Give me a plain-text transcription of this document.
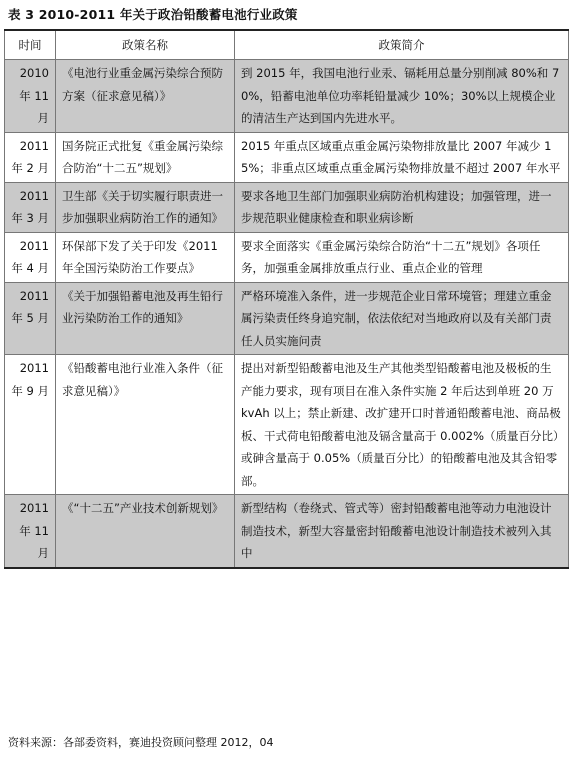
表 3 2010-2011 年关于政治铅酸蓄电池行业政策
时间	政策名称	政策简介
2010 年 11 月	《电池行业重金属污染综合预防方案（征求意见稿）》	到 2015 年，我国电池行业汞、镉耗用总量分别削减 80%和 70%，铅蓄电池单位功率耗铅量减少 10%；30%以上规模企业的清洁生产达到国内先进水平。
2011 年 2 月	国务院正式批复《重金属污染综合防治“十二五”规划》	2015 年重点区域重点重金属污染物排放量比 2007 年减少 15%；非重点区域重点重金属污染物排放量不超过 2007 年水平
2011 年 3 月	卫生部《关于切实履行职责进一步加强职业病防治工作的通知》	要求各地卫生部门加强职业病防治机构建设；加强管理，进一步规范职业健康检查和职业病诊断
2011 年 4 月	环保部下发了关于印发《2011 年全国污染防治工作要点》	要求全面落实《重金属污染综合防治“十二五”规划》各项任务，加强重金属排放重点行业、重点企业的管理
2011 年 5 月	《关于加强铅蓄电池及再生铅行业污染防治工作的通知》	严格环境准入条件，进一步规范企业日常环境管；理建立重金属污染责任终身追究制，依法依纪对当地政府以及有关部门责任人员实施问责
2011 年 9 月	《铅酸蓄电池行业准入条件（征求意见稿）》	提出对新型铅酸蓄电池及生产其他类型铅酸蓄电池及极板的生产能力要求，现有项目在准入条件实施 2 年后达到单班 20 万 kvAh 以上；禁止新建、改扩建开口时普通铅酸蓄电池、商品极板、干式荷电铅酸蓄电池及镉含量高于 0.002%（质量百分比）或砷含量高于 0.05%（质量百分比）的铅酸蓄电池及其含铅零部。
2011 年 11 月	《“十二五”产业技术创新规划》	新型结构（卷绕式、管式等）密封铅酸蓄电池等动力电池设计制造技术，新型大容量密封铅酸蓄电池设计制造技术被列入其中
资料来源：各部委资料，赛迪投资顾问整理 2012，04
